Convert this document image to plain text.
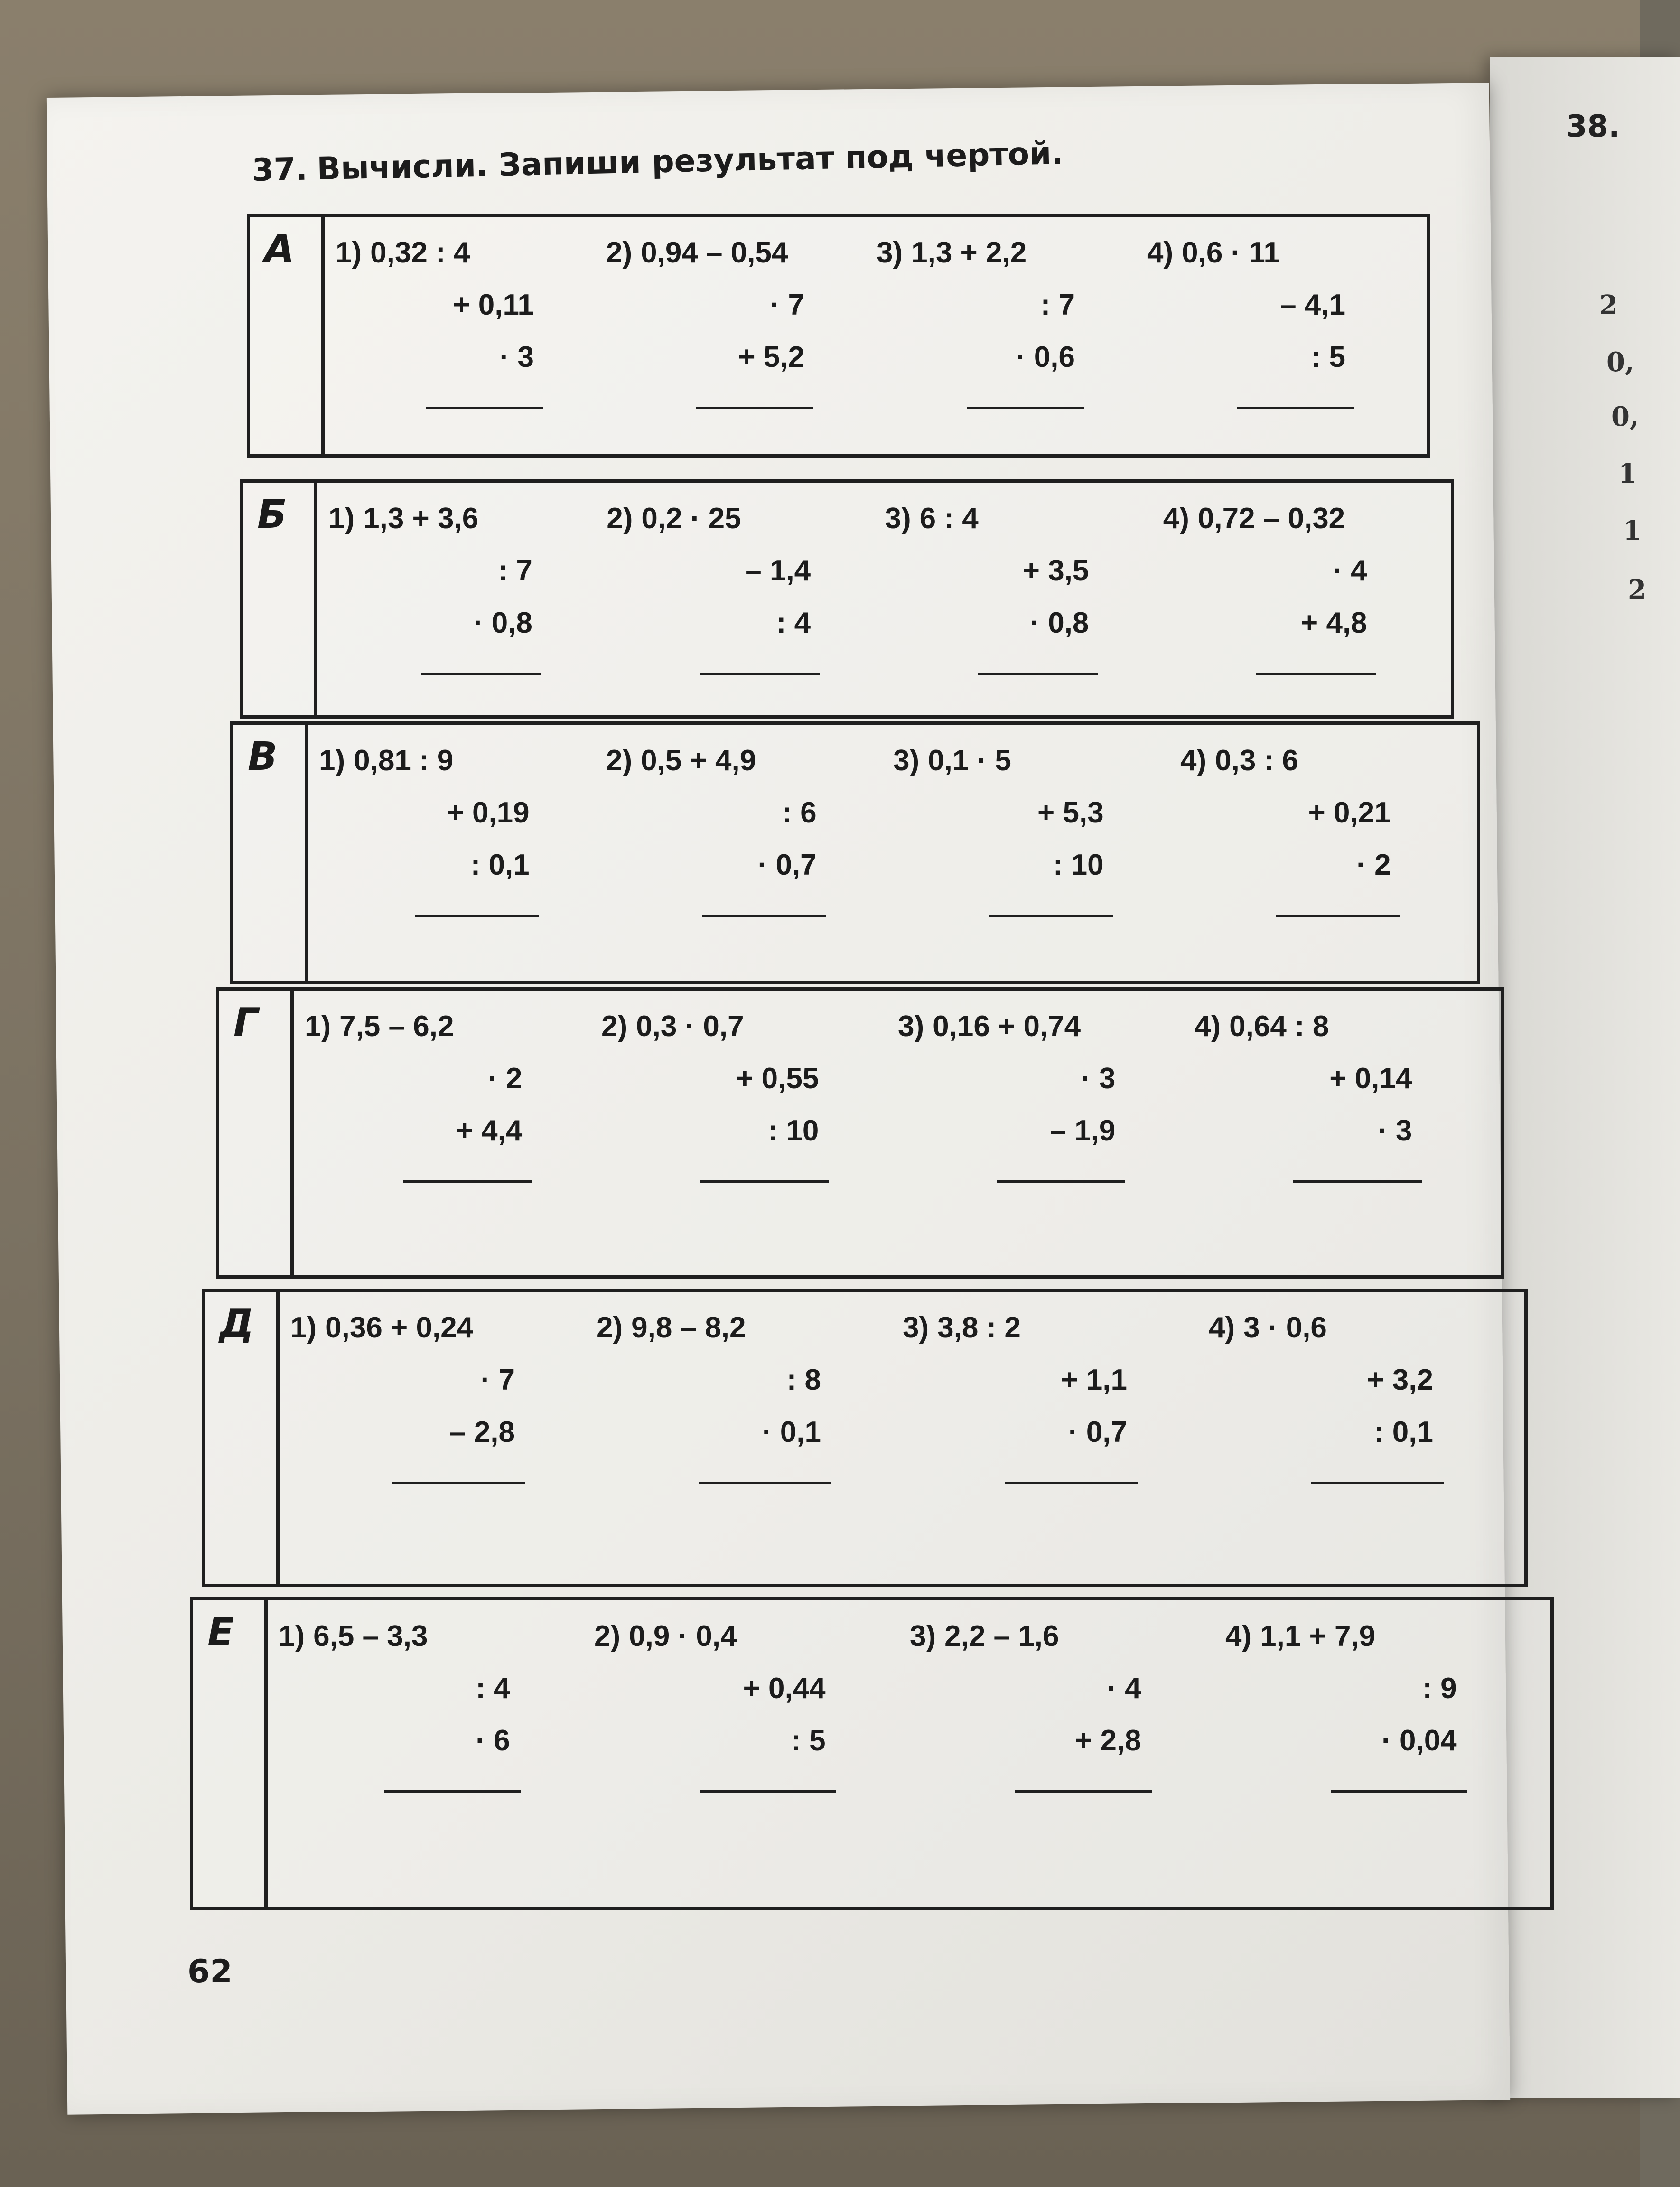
38.
2
0,
0,
1
1
2
37. Вычисли. Запиши результат под чертой.
А 1) 0,32 : 4
+ 0,11
· 3
2) 0,94 – 0,54
· 7
+ 5,2
3) 1,3 + 2,2
: 7
· 0,6
4) 0,6 · 11
– 4,1
: 5
Б 1) 1,3 + 3,6
: 7
· 0,8
2) 0,2 · 25
– 1,4
: 4
3) 6 : 4
+ 3,5
· 0,8
4) 0,72 – 0,32
· 4
+ 4,8
В 1) 0,81 : 9
+ 0,19
: 0,1
2) 0,5 + 4,9
: 6
· 0,7
3) 0,1 · 5
+ 5,3
: 10
4) 0,3 : 6
+ 0,21
· 2
Г 1) 7,5 – 6,2
· 2
+ 4,4
2) 0,3 · 0,7
+ 0,55
: 10
3) 0,16 + 0,74
· 3
– 1,9
4) 0,64 : 8
+ 0,14
· 3
Д 1) 0,36 + 0,24
· 7
– 2,8
2) 9,8 – 8,2
: 8
· 0,1
3) 3,8 : 2
+ 1,1
· 0,7
4) 3 · 0,6
+ 3,2
: 0,1
Е 1) 6,5 – 3,3
: 4
· 6
2) 0,9 · 0,4
+ 0,44
: 5
3) 2,2 – 1,6
· 4
+ 2,8
4) 1,1 + 7,9
: 9
· 0,04
62
